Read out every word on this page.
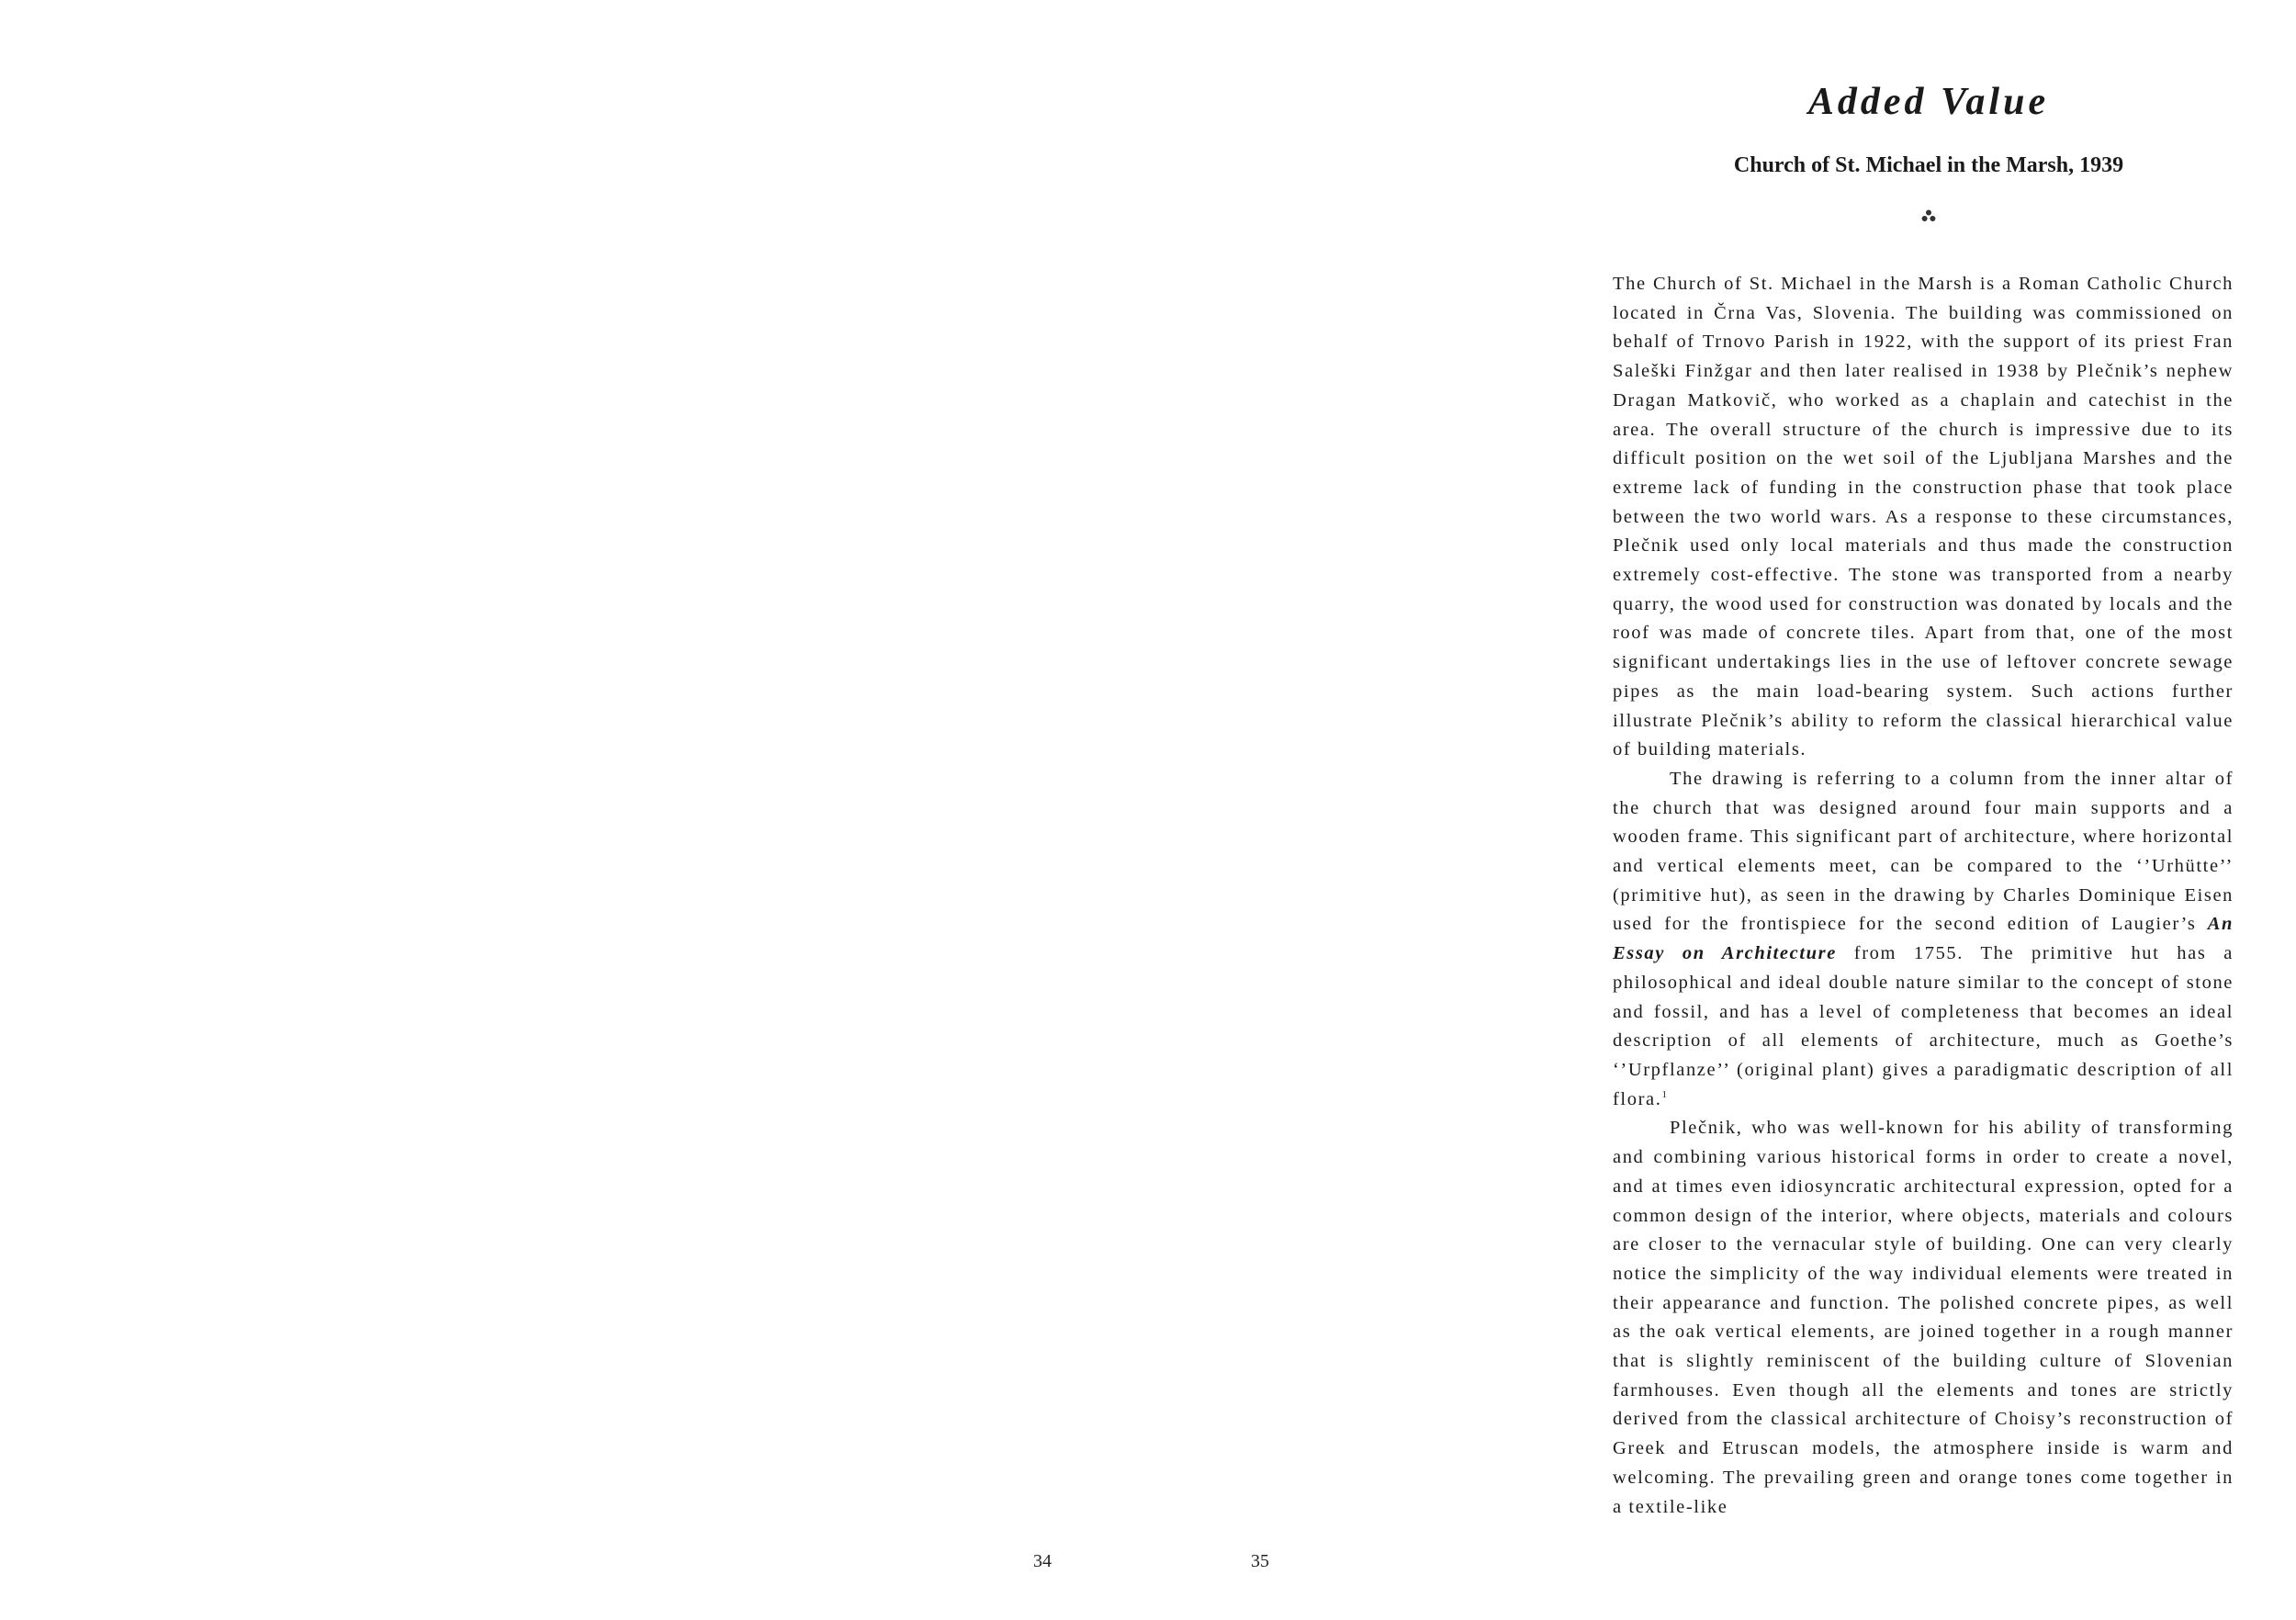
34	35
Added Value
Church of St. Michael in the Marsh, 1939

The Church of St. Michael in the Marsh is a Roman Catholic Church located in Črna Vas, Slovenia. The building was commissioned on behalf of Trnovo Parish in 1922, with the support of its priest Fran Saleški Finžgar and then later realised in 1938 by Plečnik’s nephew Dragan Matkovič, who worked as a chaplain and catechist in the area. The overall structure of the church is impressive due to its difficult position on the wet soil of the Ljubljana Marshes and the extreme lack of funding in the construction phase that took place between the two world wars. As a response to these circumstances, Plečnik used only local materials and thus made the construction extremely cost-effective. The stone was transported from a nearby quarry, the wood used for construction was donated by locals and the roof was made of concrete tiles. Apart from that, one of the most significant undertakings lies in the use of leftover concrete sewage pipes as the main load-bearing system. Such actions further illustrate Plečnik’s ability to reform the classical hierarchical value of building materials.

The drawing is referring to a column from the inner altar of the church that was designed around four main supports and a wooden frame. This significant part of architecture, where horizontal and vertical elements meet, can be compared to the ‘’Urhütte’’ (primitive hut), as seen in the drawing by Charles Dominique Eisen used for the frontispiece for the second edition of Laugier’s An Essay on Architecture from 1755. The primitive hut has a philosophical and ideal double nature similar to the concept of stone and fossil, and has a level of completeness that becomes an ideal description of all elements of architecture, much as Goethe’s ‘’Urpflanze’’ (original plant) gives a paradigmatic description of all flora.$^1$

Plečnik, who was well-known for his ability of transforming and combining various historical forms in order to create a novel, and at times even idiosyncratic architectural expression, opted for a common design of the interior, where objects, materials and colours are closer to the vernacular style of building. One can very clearly notice the simplicity of the way individual elements were treated in their appearance and function. The polished concrete pipes, as well as the oak vertical elements, are joined together in a rough manner that is slightly reminiscent of the building culture of Slovenian farmhouses. Even though all the elements and tones are strictly derived from the classical architecture of Choisy’s reconstruction of Greek and Etruscan models, the atmosphere inside is warm and welcoming. The prevailing green and orange tones come together in a textile-like
